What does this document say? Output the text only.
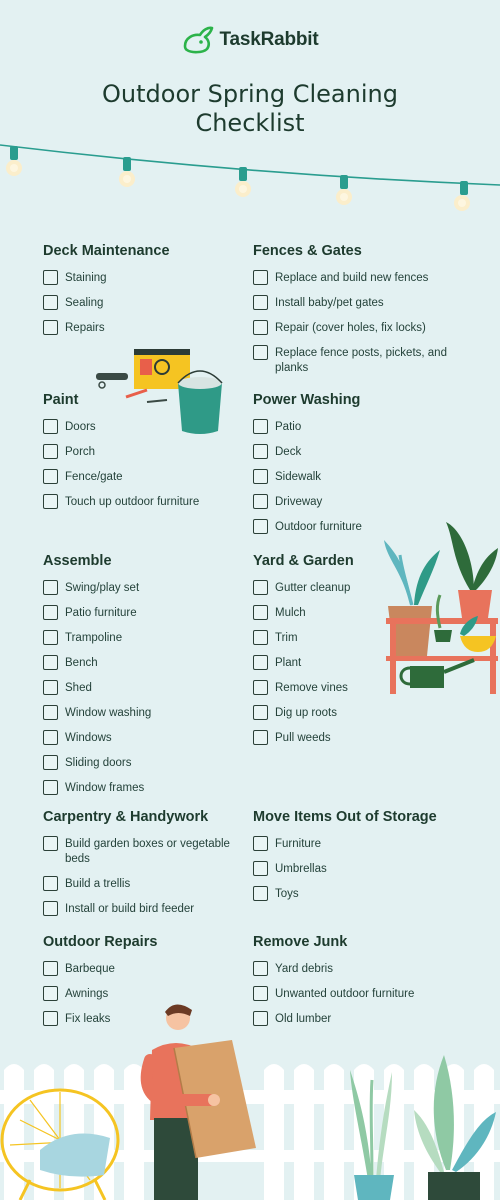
TaskRabbit
Outdoor Spring Cleaning
Checklist
Deck Maintenance
Staining
Sealing
Repairs
Fences & Gates
Replace and build new fences
Install baby/pet gates
Repair (cover holes, fix locks)
Replace fence posts, pickets, and planks
Paint
Doors
Porch
Fence/gate
Touch up outdoor furniture
Power Washing
Patio
Deck
Sidewalk
Driveway
Outdoor furniture
Assemble
Swing/play set
Patio furniture
Trampoline
Bench
Shed
Window washing
Windows
Sliding doors
Window frames
Yard & Garden
Gutter cleanup
Mulch
Trim
Plant
Remove vines
Dig up roots
Pull weeds
Carpentry & Handywork
Build garden boxes or vegetable beds
Build a trellis
Install or build bird feeder
Move Items Out of Storage
Furniture
Umbrellas
Toys
Outdoor Repairs
Barbeque
Awnings
Fix leaks
Remove Junk
Yard debris
Unwanted outdoor furniture
Old lumber
